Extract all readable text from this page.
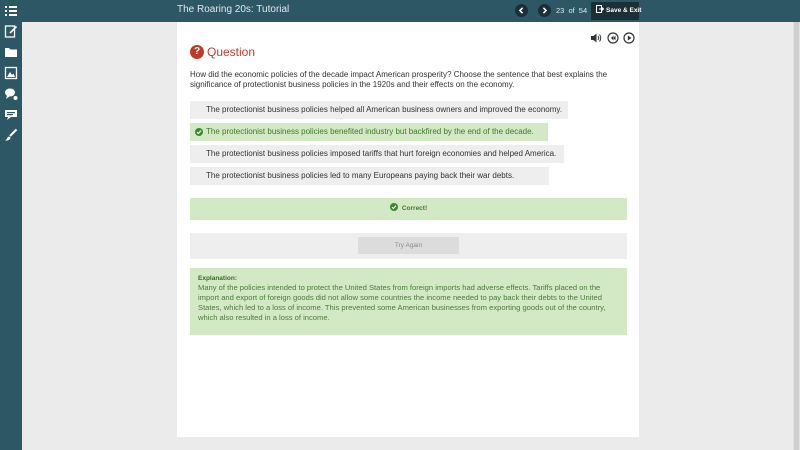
The Roaring 20s: Tutorial	23 of 54	Save & Exit
? Question
How did the economic policies of the decade impact American prosperity? Choose the sentence that best explains the significance of protectionist business policies in the 1920s and their effects on the economy.
The protectionist business policies helped all American business owners and improved the economy.
The protectionist business policies benefited industry but backfired by the end of the decade.
The protectionist business policies imposed tariffs that hurt foreign economies and helped America.
The protectionist business policies led to many Europeans paying back their war debts.
Correct!
Try Again
Explanation:
Many of the policies intended to protect the United States from foreign imports had adverse effects. Tariffs placed on the import and export of foreign goods did not allow some countries the income needed to pay back their debts to the United States, which led to a loss of income. This prevented some American businesses from exporting goods out of the country, which also resulted in a loss of income.
